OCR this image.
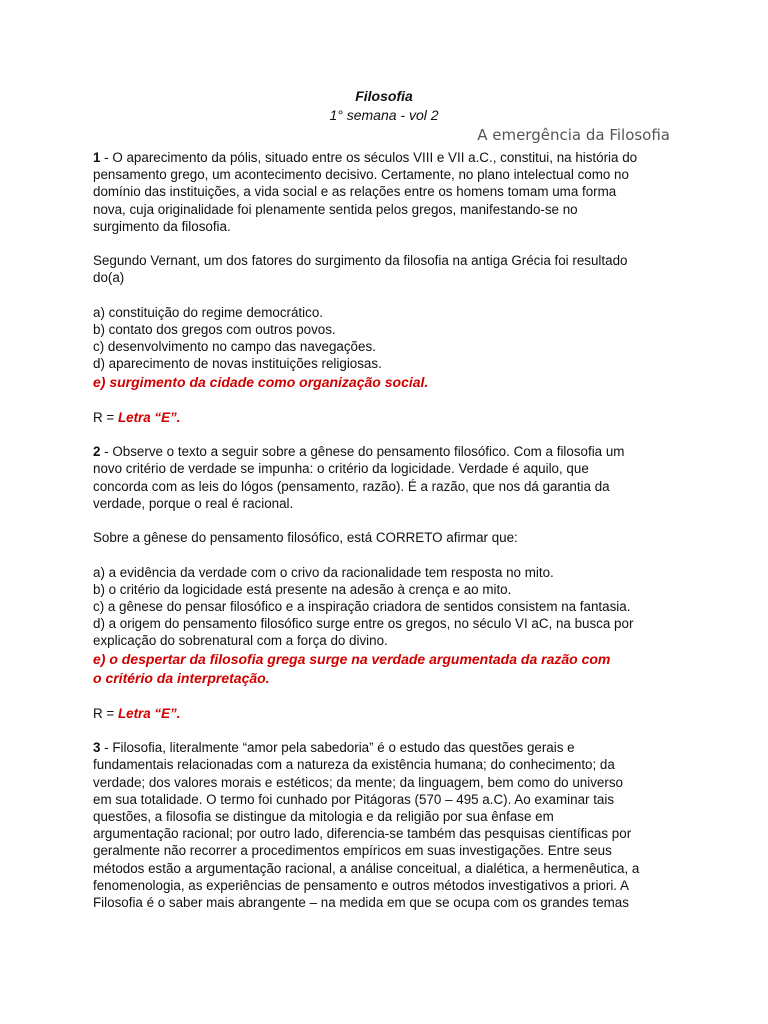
Filosofia
1° semana - vol 2
A emergência da Filosofia

1 - O aparecimento da pólis, situado entre os séculos VIII e VII a.C., constitui, na história do

pensamento grego, um acontecimento decisivo. Certamente, no plano intelectual como no

domínio das instituições, a vida social e as relações entre os homens tomam uma forma

nova, cuja originalidade foi plenamente sentida pelos gregos, manifestando-se no

surgimento da filosofia.

Segundo Vernant, um dos fatores do surgimento da filosofia na antiga Grécia foi resultado

do(a)

a) constituição do regime democrático.

b) contato dos gregos com outros povos.

c) desenvolvimento no campo das navegações.

d) aparecimento de novas instituições religiosas.

e) surgimento da cidade como organização social.

R = Letra “E”.

2 - Observe o texto a seguir sobre a gênese do pensamento filosófico. Com a filosofia um

novo critério de verdade se impunha: o critério da logicidade. Verdade é aquilo, que

concorda com as leis do lógos (pensamento, razão). É a razão, que nos dá garantia da

verdade, porque o real é racional.

Sobre a gênese do pensamento filosófico, está CORRETO afirmar que:

a) a evidência da verdade com o crivo da racionalidade tem resposta no mito.

b) o critério da logicidade está presente na adesão à crença e ao mito.

c) a gênese do pensar filosófico e a inspiração criadora de sentidos consistem na fantasia.

d) a origem do pensamento filosófico surge entre os gregos, no século VI aC, na busca por

explicação do sobrenatural com a força do divino.

e) o despertar da filosofia grega surge na verdade argumentada da razão com

o critério da interpretação.

R = Letra “E”.

3 - Filosofia, literalmente “amor pela sabedoria” é o estudo das questões gerais e

fundamentais relacionadas com a natureza da existência humana; do conhecimento; da

verdade; dos valores morais e estéticos; da mente; da linguagem, bem como do universo

em sua totalidade. O termo foi cunhado por Pitágoras (570 – 495 a.C). Ao examinar tais

questões, a filosofia se distingue da mitologia e da religião por sua ênfase em

argumentação racional; por outro lado, diferencia-se também das pesquisas científicas por

geralmente não recorrer a procedimentos empíricos em suas investigações. Entre seus

métodos estão a argumentação racional, a análise conceitual, a dialética, a hermenêutica, a

fenomenologia, as experiências de pensamento e outros métodos investigativos a priori. A

Filosofia é o saber mais abrangente – na medida em que se ocupa com os grandes temas
